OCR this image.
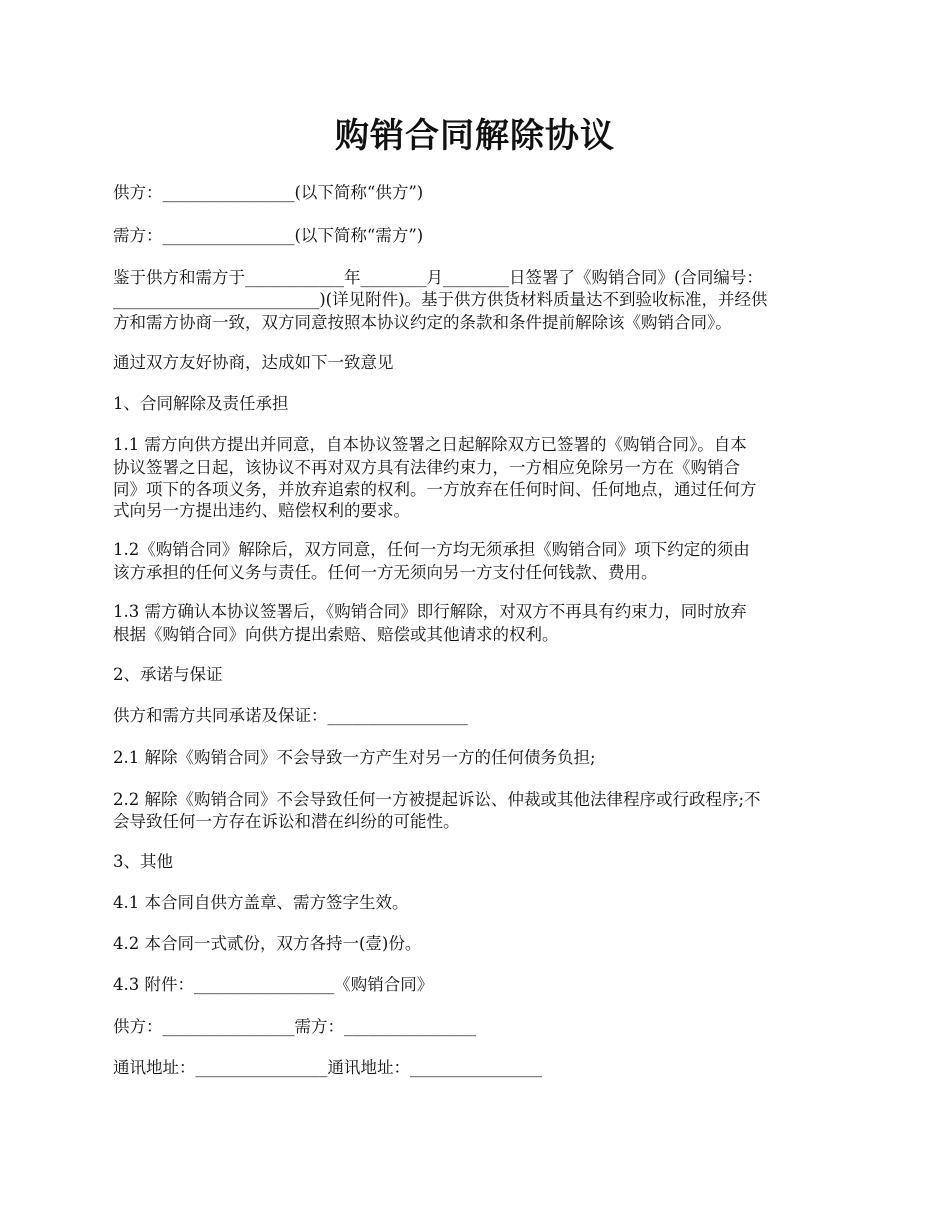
购销合同解除协议

供方：________________(以下简称“供方”)

需方：________________(以下简称“需方”)

鉴于供方和需方于____________年________月________日签署了《购销合同》(合同编号：

_________________________)(详见附件)。基于供方供货材料质量达不到验收标准，并经供

方和需方协商一致，双方同意按照本协议约定的条款和条件提前解除该《购销合同》。

通过双方友好协商，达成如下一致意见

1、合同解除及责任承担

1.1 需方向供方提出并同意，自本协议签署之日起解除双方已签署的《购销合同》。自本

协议签署之日起，该协议不再对双方具有法律约束力，一方相应免除另一方在《购销合

同》项下的各项义务，并放弃追索的权利。一方放弃在任何时间、任何地点，通过任何方

式向另一方提出违约、赔偿权利的要求。

1.2《购销合同》解除后，双方同意，任何一方均无须承担《购销合同》项下约定的须由

该方承担的任何义务与责任。任何一方无须向另一方支付任何钱款、费用。

1.3 需方确认本协议签署后，《购销合同》即行解除，对双方不再具有约束力，同时放弃

根据《购销合同》向供方提出索赔、赔偿或其他请求的权利。

2、承诺与保证

供方和需方共同承诺及保证：_________________

2.1 解除《购销合同》不会导致一方产生对另一方的任何债务负担;

2.2 解除《购销合同》不会导致任何一方被提起诉讼、仲裁或其他法律程序或行政程序;不

会导致任何一方存在诉讼和潜在纠纷的可能性。

3、其他

4.1 本合同自供方盖章、需方签字生效。

4.2 本合同一式贰份，双方各持一(壹)份。

4.3 附件：_________________《购销合同》

供方：________________需方：________________

通讯地址：________________通讯地址：________________
